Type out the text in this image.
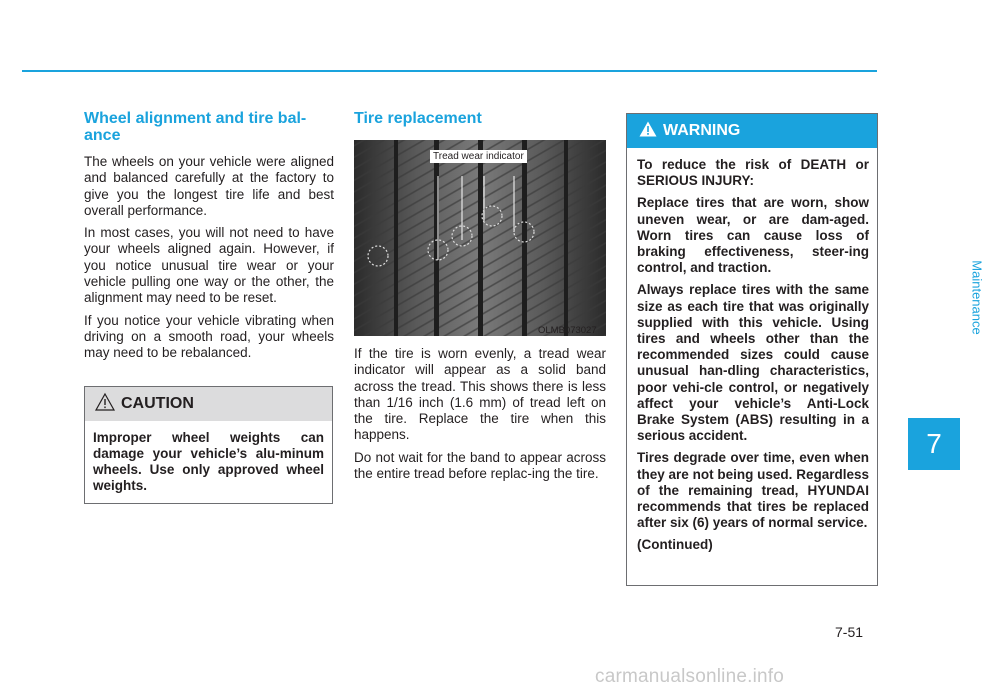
Wheel alignment and tire bal-ance

The wheels on your vehicle were aligned and balanced carefully at the factory to give you the longest tire life and best overall performance.

In most cases, you will not need to have your wheels aligned again. However, if you notice unusual tire wear or your vehicle pulling one way or the other, the alignment may need to be reset.

If you notice your vehicle vibrating when driving on a smooth road, your wheels may need to be rebalanced.

CAUTION
Improper wheel weights can damage your vehicle’s alu-minum wheels. Use only approved wheel weights.
Tire replacement
Tread wear indicator
OLMB073027

If the tire is worn evenly, a tread wear indicator will appear as a solid band across the tread. This shows there is less than 1/16 inch (1.6 mm) of tread left on the tire. Replace the tire when this happens.

Do not wait for the band to appear across the entire tread before replac-ing the tire.

WARNING

To reduce the risk of DEATH or SERIOUS INJURY:

Replace tires that are worn, show uneven wear, or are dam-aged. Worn tires can cause loss of braking effectiveness, steer-ing control, and traction.

Always replace tires with the same size as each tire that was originally supplied with this vehicle. Using tires and wheels other than the recommended sizes could cause unusual han-dling characteristics, poor vehi-cle control, or negatively affect your vehicle’s Anti-Lock Brake System (ABS) resulting in a serious accident.

Tires degrade over time, even when they are not being used. Regardless of the remaining tread, HYUNDAI recommends that tires be replaced after six (6) years of normal service.

(Continued)

Maintenance
7
7-51
carmanualsonline.info
